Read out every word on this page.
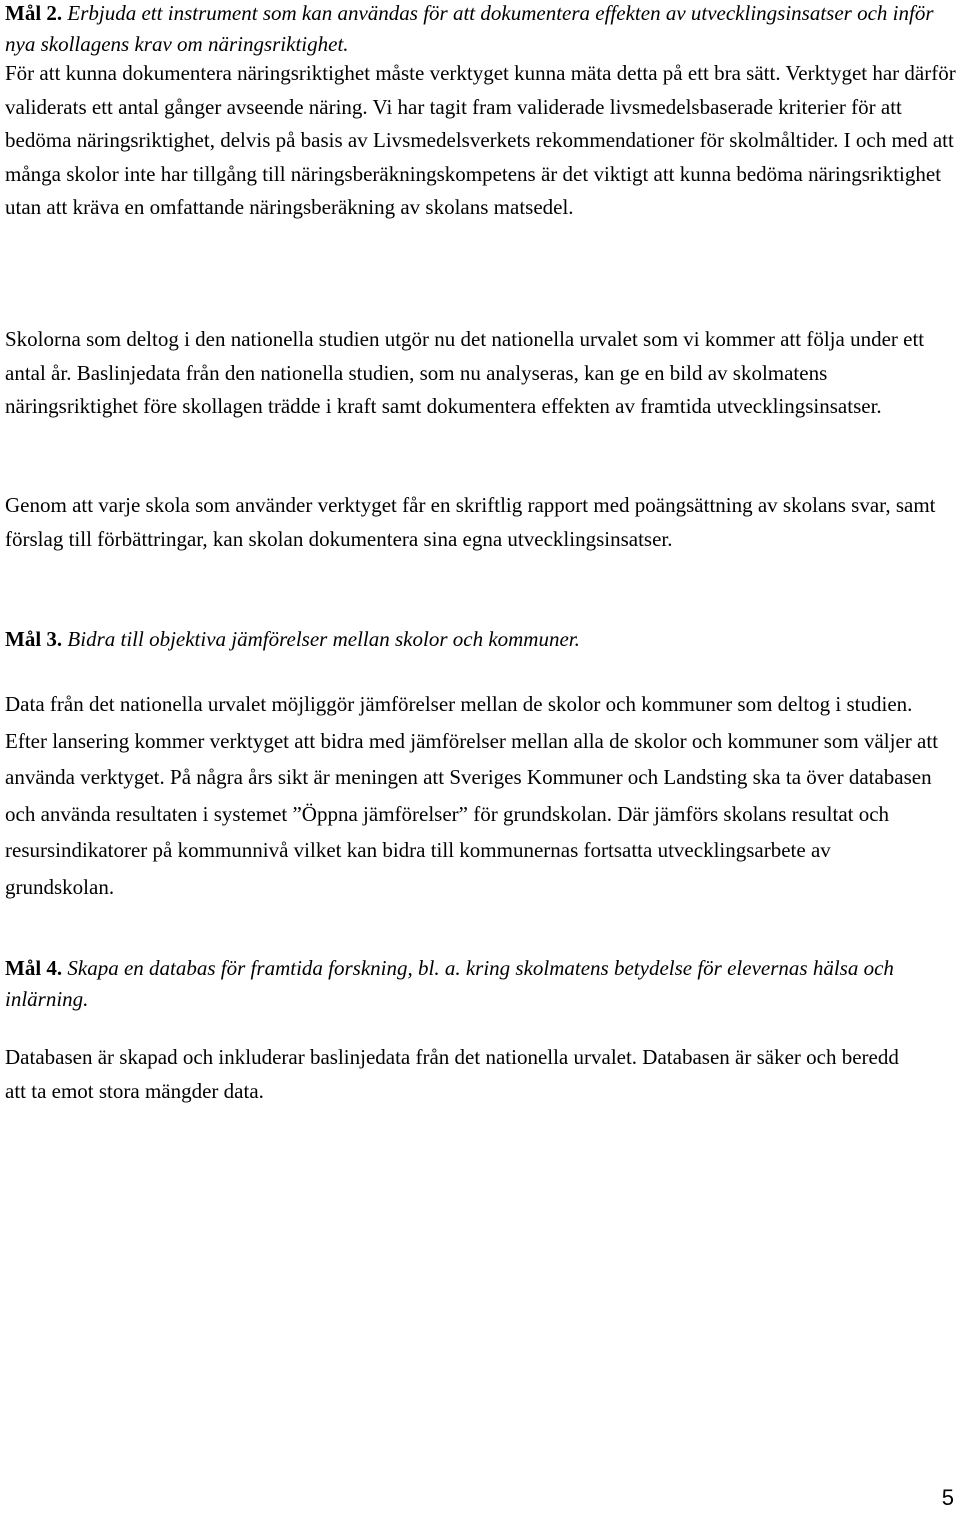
Mål 2. Erbjuda ett instrument som kan användas för att dokumentera effekten av utvecklingsinsatser och inför nya skollagens krav om näringsriktighet.

För att kunna dokumentera näringsriktighet måste verktyget kunna mäta detta på ett bra sätt. Verktyget har därför validerats ett antal gånger avseende näring. Vi har tagit fram validerade livsmedelsbaserade kriterier för att bedöma näringsriktighet, delvis på basis av Livsmedelsverkets rekommendationer för skolmåltider. I och med att många skolor inte har tillgång till näringsberäkningskompetens är det viktigt att kunna bedöma näringsriktighet utan att kräva en omfattande näringsberäkning av skolans matsedel.

Skolorna som deltog i den nationella studien utgör nu det nationella urvalet som vi kommer att följa under ett antal år. Baslinjedata från den nationella studien, som nu analyseras, kan ge en bild av skolmatens näringsriktighet före skollagen trädde i kraft samt dokumentera effekten av framtida utvecklingsinsatser.

Genom att varje skola som använder verktyget får en skriftlig rapport med poängsättning av skolans svar, samt förslag till förbättringar, kan skolan dokumentera sina egna utvecklingsinsatser.

Mål 3. Bidra till objektiva jämförelser mellan skolor och kommuner.

Data från det nationella urvalet möjliggör jämförelser mellan de skolor och kommuner som deltog i studien. Efter lansering kommer verktyget att bidra med jämförelser mellan alla de skolor och kommuner som väljer att använda verktyget. På några års sikt är meningen att Sveriges Kommuner och Landsting ska ta över databasen och använda resultaten i systemet ”Öppna jämförelser” för grundskolan. Där jämförs skolans resultat och resursindikatorer på kommunnivå vilket kan bidra till kommunernas fortsatta utvecklingsarbete av grundskolan.

Mål 4. Skapa en databas för framtida forskning, bl. a. kring skolmatens betydelse för elevernas hälsa och inlärning.

Databasen är skapad och inkluderar baslinjedata från det nationella urvalet. Databasen är säker och beredd att ta emot stora mängder data.

5
